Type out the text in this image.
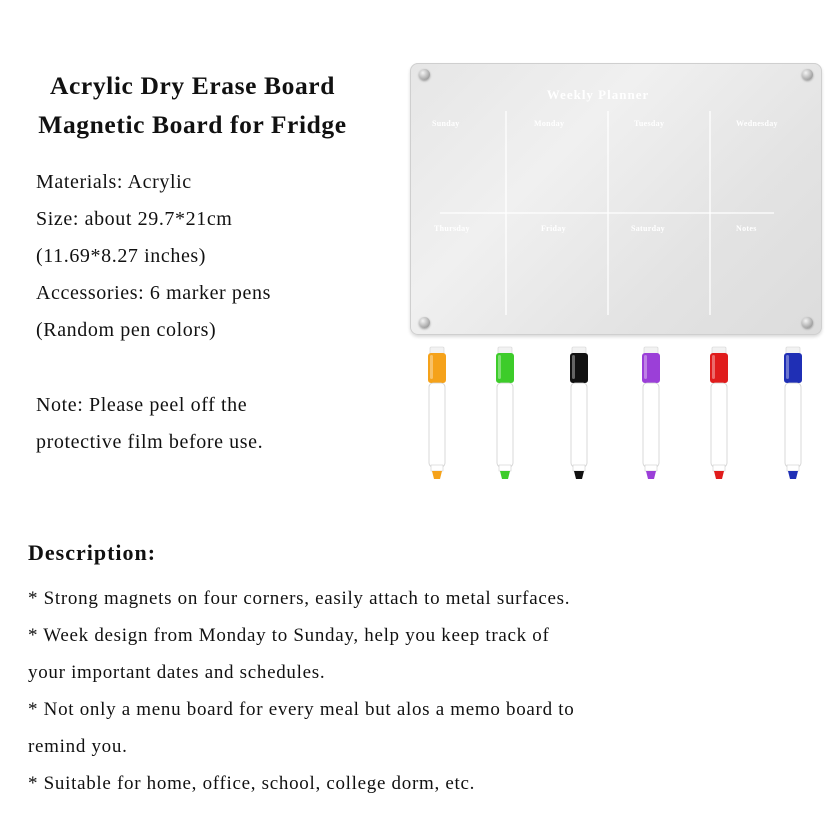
Acrylic Dry Erase Board
Magnetic Board for Fridge
Materials: Acrylic
Size: about 29.7*21cm
(11.69*8.27 inches)
Accessories: 6 marker pens
(Random pen colors)
Note: Please peel off the
protective film before use.
Weekly Planner
Sunday	Monday	Tuesday	Wednesday
Thursday	Friday	Saturday	Notes
Description:
* Strong magnets on four corners, easily attach to metal surfaces.
* Week design from Monday to Sunday, help you keep track of
your important dates and schedules.
* Not only a menu board for every meal but alos a memo board to
remind you.
* Suitable for home, office, school, college dorm, etc.
